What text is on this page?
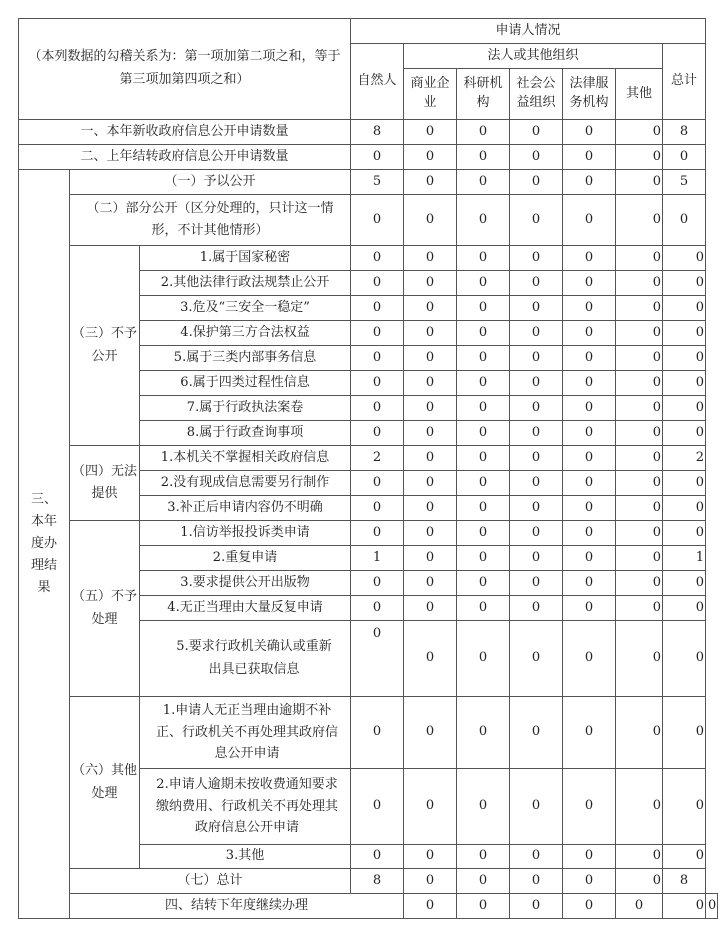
（本列数据的勾稽关系为：第一项加第二项之和，等于第三项加第四项之和）			申请人情况							
			自然人	法人或其他组织					总计	
				商业企业	科研机构	社会公益组织	法律服务机构	其他		
一、本年新收政府信息公开申请数量			8	0	0	0	0	0	8	
二、上年结转政府信息公开申请数量			0	0	0	0	0	0	0	
三、本年度办理结果	（一）予以公开		5	0	0	0	0	0	5	
	（二）部分公开（区分处理的，只计这一情形，不计其他情形）		0	0	0	0	0	0	0	
	（三）不予公开	1.属于国家秘密	0	0	0	0	0	0	0	
		2.其他法律行政法规禁止公开	0	0	0	0	0	0	0	
		3.危及“三安全一稳定”	0	0	0	0	0	0	0	
		4.保护第三方合法权益	0	0	0	0	0	0	0	
		5.属于三类内部事务信息	0	0	0	0	0	0	0	
		6.属于四类过程性信息	0	0	0	0	0	0	0	
		7.属于行政执法案卷	0	0	0	0	0	0	0	
		8.属于行政查询事项	0	0	0	0	0	0	0	
	（四）无法提供	1.本机关不掌握相关政府信息	2	0	0	0	0	0	2	
		2.没有现成信息需要另行制作	0	0	0	0	0	0	0	
		3.补正后申请内容仍不明确	0	0	0	0	0	0	0	
	（五）不予处理	1.信访举报投诉类申请	0	0	0	0	0	0	0	
		2.重复申请	1	0	0	0	0	0	1	
		3.要求提供公开出版物	0	0	0	0	0	0	0	
		4.无正当理由大量反复申请	0	0	0	0	0	0	0	
		5.要求行政机关确认或重新出具已获取信息	0	0	0	0	0	0	0	
	（六）其他处理	1.申请人无正当理由逾期不补正、行政机关不再处理其政府信息公开申请	0	0	0	0	0	0	0	
		2.申请人逾期未按收费通知要求缴纳费用、行政机关不再处理其政府信息公开申请	0	0	0	0	0	0	0	
		3.其他	0	0	0	0	0	0	0	
	（七）总计		8	0	0	0	0	0	8	
	四、结转下年度继续办理			0	0	0	0	0	0	0
